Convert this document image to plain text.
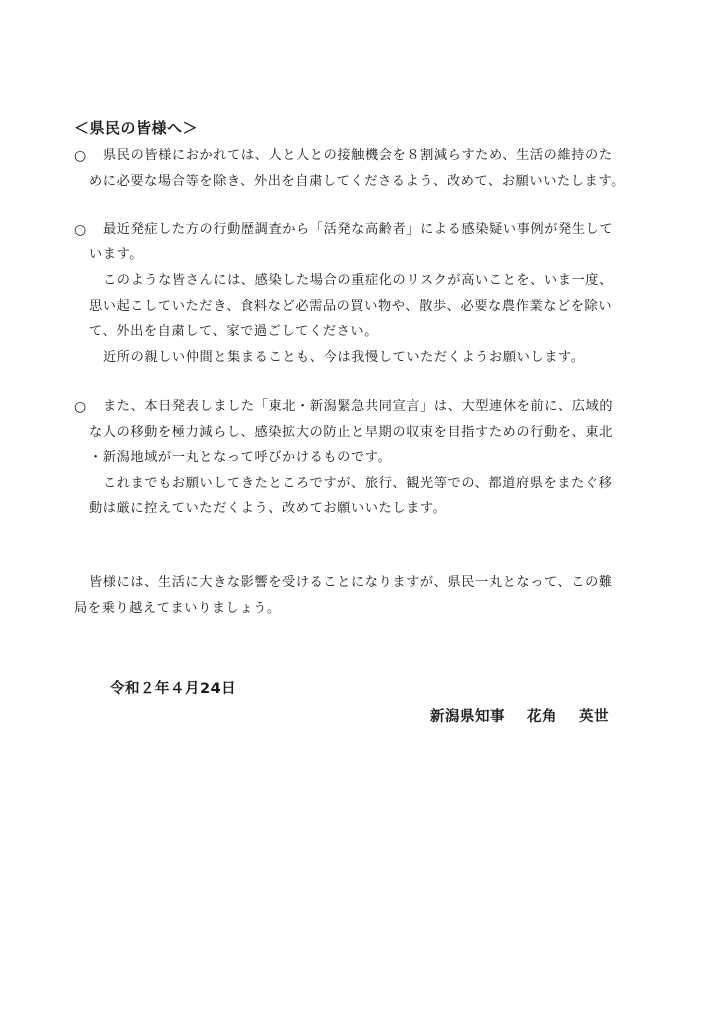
＜県民の皆様へ＞
○ 県民の皆様におかれては、人と人との接触機会を８割減らすため、生活の維持のた
めに必要な場合等を除き、外出を自粛してくださるよう、改めて、お願いいたします。
○ 最近発症した方の行動歴調査から「活発な高齢者」による感染疑い事例が発生して
います。
このような皆さんには、感染した場合の重症化のリスクが高いことを、いま一度、
思い起こしていただき、食料など必需品の買い物や、散歩、必要な農作業などを除い
て、外出を自粛して、家で過ごしてください。
近所の親しい仲間と集まることも、今は我慢していただくようお願いします。
○ また、本日発表しました「東北・新潟緊急共同宣言」は、大型連休を前に、広域的
な人の移動を極力減らし、感染拡大の防止と早期の収束を目指すための行動を、東北
・新潟地域が一丸となって呼びかけるものです。
これまでもお願いしてきたところですが、旅行、観光等での、都道府県をまたぐ移
動は厳に控えていただくよう、改めてお願いいたします。
皆様には、生活に大きな影響を受けることになりますが、県民一丸となって、この難
局を乗り越えてまいりましょう。
令和２年４月24日
新潟県知事 花角 英世
